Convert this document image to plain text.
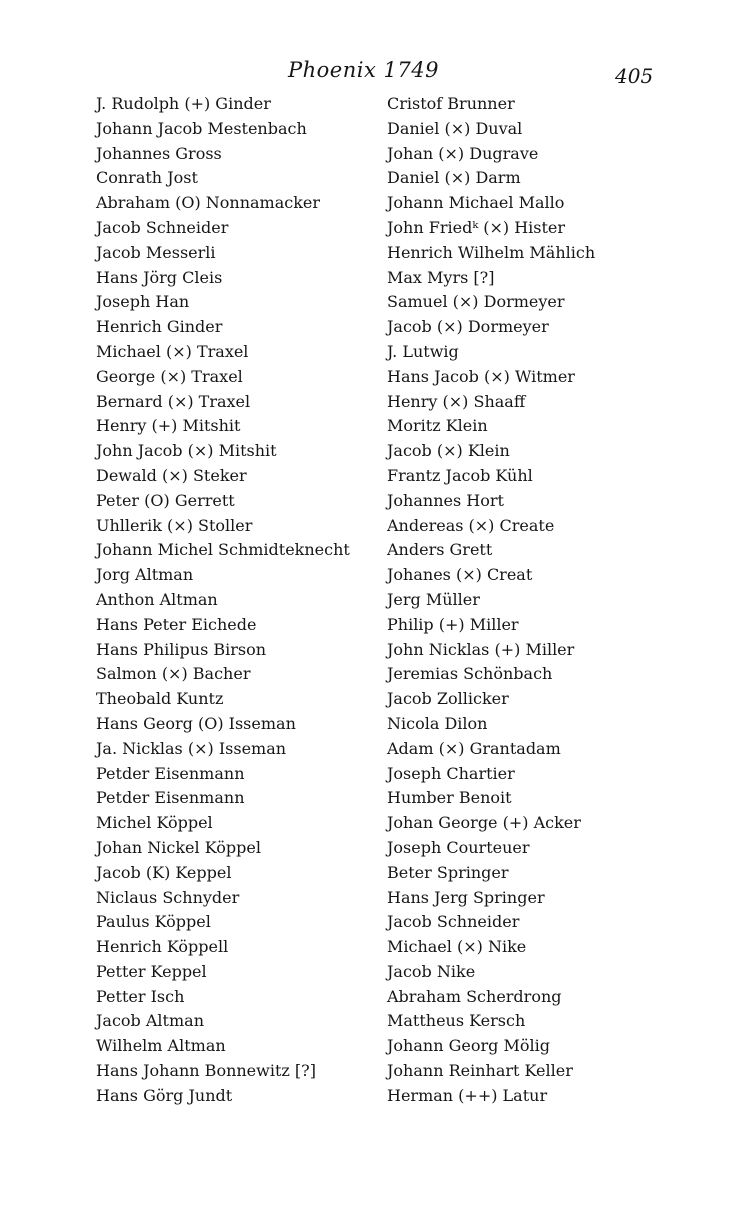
Phoenix 1749	405
J. Rudolph (+) Ginder
Johann Jacob Mestenbach
Johannes Gross
Conrath Jost
Abraham (O) Nonnamacker
Jacob Schneider
Jacob Messerli
Hans Jörg Cleis
Joseph Han
Henrich Ginder
Michael (×) Traxel
George (×) Traxel
Bernard (×) Traxel
Henry (+) Mitshit
John Jacob (×) Mitshit
Dewald (×) Steker
Peter (O) Gerrett
Uhllerik (×) Stoller
Johann Michel Schmidteknecht
Jorg Altman
Anthon Altman
Hans Peter Eichede
Hans Philipus Birson
Salmon (×) Bacher
Theobald Kuntz
Hans Georg (O) Isseman
Ja. Nicklas (×) Isseman
Petder Eisenmann
Petder Eisenmann
Michel Köppel
Johan Nickel Köppel
Jacob (K) Keppel
Niclaus Schnyder
Paulus Köppel
Henrich Köppell
Petter Keppel
Petter Isch
Jacob Altman
Wilhelm Altman
Hans Johann Bonnewitz [?]
Hans Görg Jundt
Cristof Brunner
Daniel (×) Duval
Johan (×) Dugrave
Daniel (×) Darm
Johann Michael Mallo
John Friedᵏ (×) Hister
Henrich Wilhelm Mählich
Max Myrs [?]
Samuel (×) Dormeyer
Jacob (×) Dormeyer
J. Lutwig
Hans Jacob (×) Witmer
Henry (×) Shaaff
Moritz Klein
Jacob (×) Klein
Frantz Jacob Kühl
Johannes Hort
Andereas (×) Create
Anders Grett
Johanes (×) Creat
Jerg Müller
Philip (+) Miller
John Nicklas (+) Miller
Jeremias Schönbach
Jacob Zollicker
Nicola Dilon
Adam (×) Grantadam
Joseph Chartier
Humber Benoit
Johan George (+) Acker
Joseph Courteuer
Beter Springer
Hans Jerg Springer
Jacob Schneider
Michael (×) Nike
Jacob Nike
Abraham Scherdrong
Mattheus Kersch
Johann Georg Mölig
Johann Reinhart Keller
Herman (++) Latur
